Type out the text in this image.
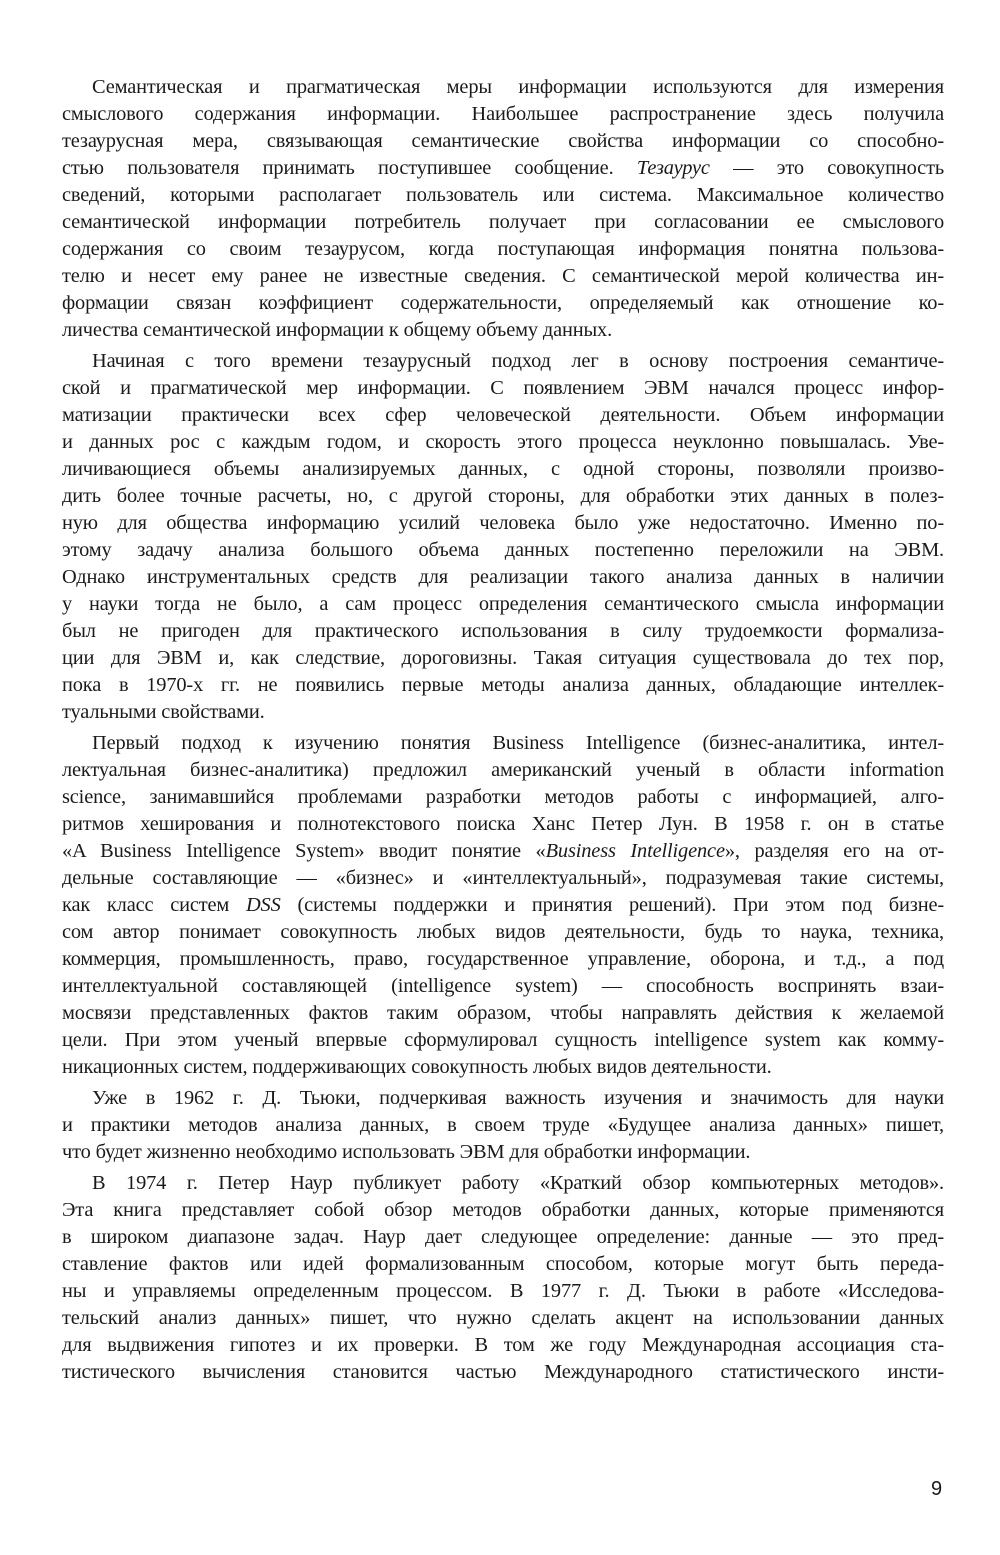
Семантическая и прагматическая меры информации используются для измерения
смыслового содержания информации. Наибольшее распространение здесь получила
тезаурусная мера, связывающая семантические свойства информации со способно-
стью пользователя принимать поступившее сообщение. Тезаурус — это совокупность
сведений, которыми располагает пользователь или система. Максимальное количество
семантической информации потребитель получает при согласовании ее смыслового
содержания со своим тезаурусом, когда поступающая информация понятна пользова-
телю и несет ему ранее не известные сведения. С семантической мерой количества ин-
формации связан коэффициент содержательности, определяемый как отношение ко-
личества семантической информации к общему объему данных.
Начиная с того времени тезаурусный подход лег в основу построения семантиче-
ской и прагматической мер информации. С появлением ЭВМ начался процесс инфор-
матизации практически всех сфер человеческой деятельности. Объем информации
и данных рос с каждым годом, и скорость этого процесса неуклонно повышалась. Уве-
личивающиеся объемы анализируемых данных, с одной стороны, позволяли произво-
дить более точные расчеты, но, с другой стороны, для обработки этих данных в полез-
ную для общества информацию усилий человека было уже недостаточно. Именно по-
этому задачу анализа большого объема данных постепенно переложили на ЭВМ.
Однако инструментальных средств для реализации такого анализа данных в наличии
у науки тогда не было, а сам процесс определения семантического смысла информации
был не пригоден для практического использования в силу трудоемкости формализа-
ции для ЭВМ и, как следствие, дороговизны. Такая ситуация существовала до тех пор,
пока в 1970-х гг. не появились первые методы анализа данных, обладающие интеллек-
туальными свойствами.
Первый подход к изучению понятия Business Intelligence (бизнес-аналитика, интел-
лектуальная бизнес-аналитика) предложил американский ученый в области information
science, занимавшийся проблемами разработки методов работы с информацией, алго-
ритмов хеширования и полнотекстового поиска Ханс Петер Лун. В 1958 г. он в статье
«A Business Intelligence System» вводит понятие «Business Intelligence», разделяя его на от-
дельные составляющие — «бизнес» и «интеллектуальный», подразумевая такие системы,
как класс систем DSS (системы поддержки и принятия решений). При этом под бизне-
сом автор понимает совокупность любых видов деятельности, будь то наука, техника,
коммерция, промышленность, право, государственное управление, оборона, и т.д., а под
интеллектуальной составляющей (intelligence system) — способность воспринять взаи-
мосвязи представленных фактов таким образом, чтобы направлять действия к желаемой
цели. При этом ученый впервые сформулировал сущность intelligence system как комму-
никационных систем, поддерживающих совокупность любых видов деятельности.
Уже в 1962 г. Д. Тьюки, подчеркивая важность изучения и значимость для науки
и практики методов анализа данных, в своем труде «Будущее анализа данных» пишет,
что будет жизненно необходимо использовать ЭВМ для обработки информации.
В 1974 г. Петер Наур публикует работу «Краткий обзор компьютерных методов».
Эта книга представляет собой обзор методов обработки данных, которые применяются
в широком диапазоне задач. Наур дает следующее определение: данные — это пред-
ставление фактов или идей формализованным способом, которые могут быть переда-
ны и управляемы определенным процессом. В 1977 г. Д. Тьюки в работе «Исследова-
тельский анализ данных» пишет, что нужно сделать акцент на использовании данных
для выдвижения гипотез и их проверки. В том же году Международная ассоциация ста-
тистического вычисления становится частью Международного статистического инсти-
9
